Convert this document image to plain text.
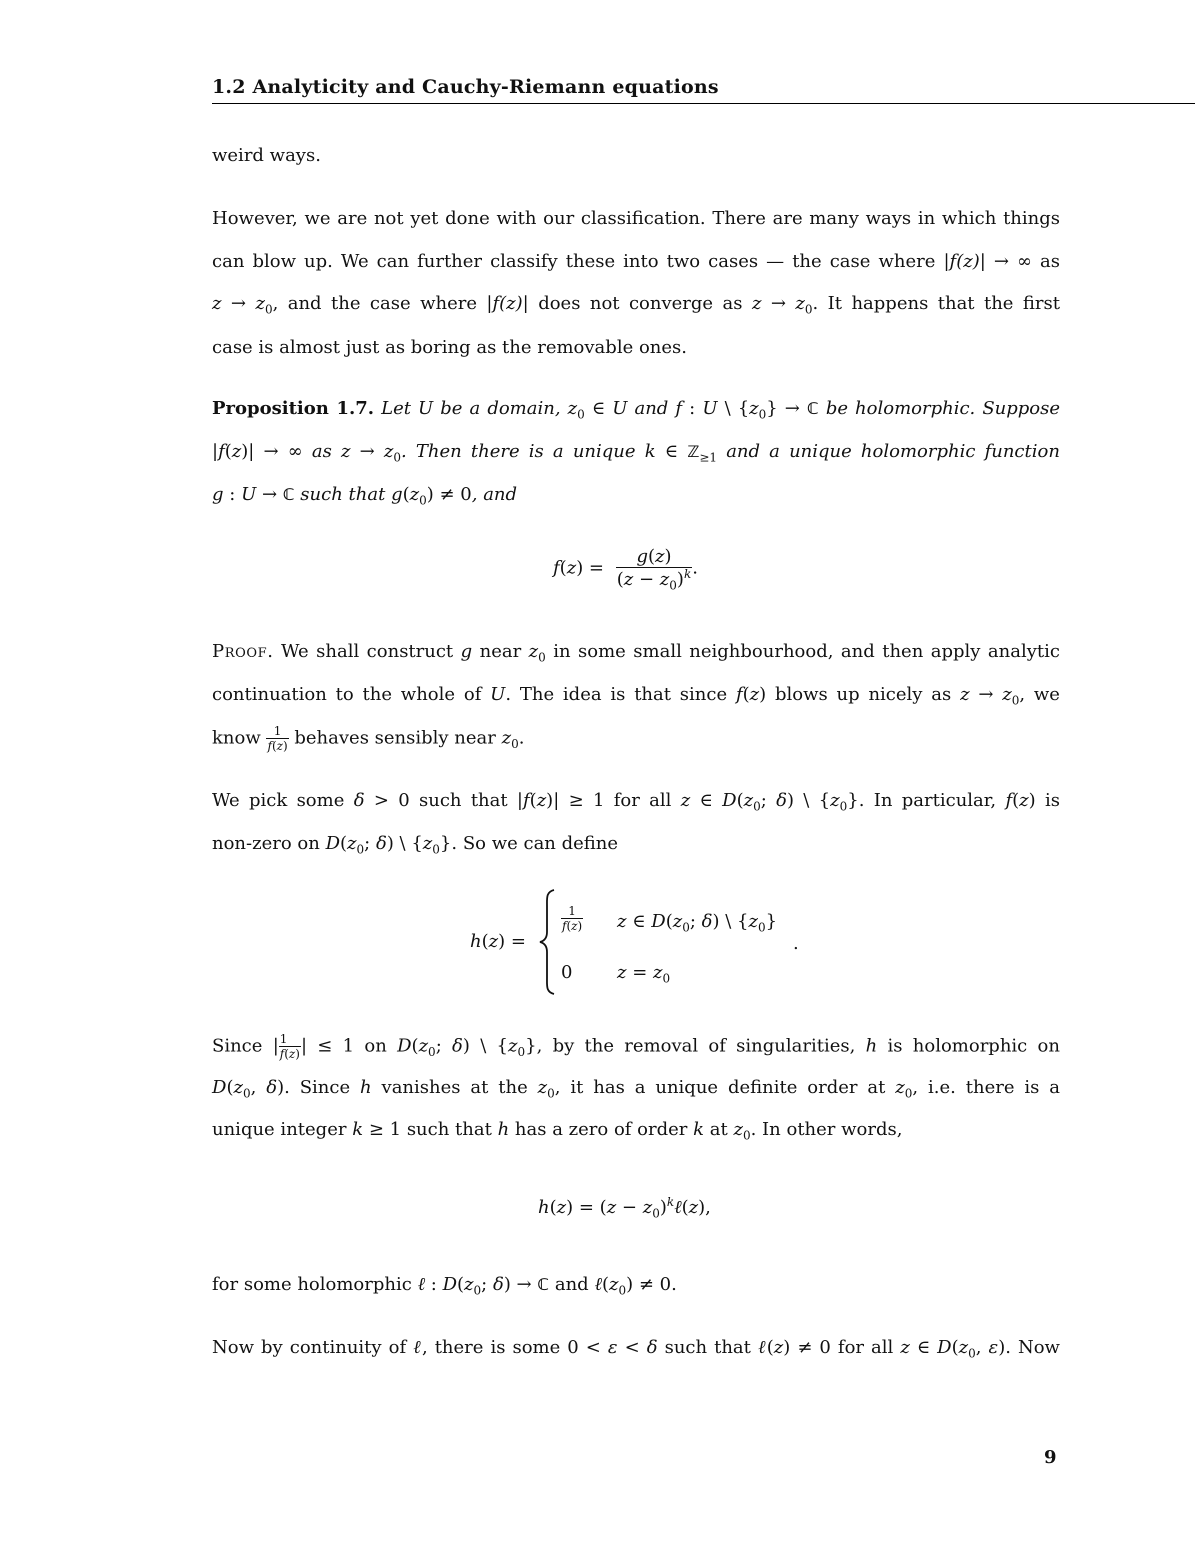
1.2 Analyticity and Cauchy-Riemann equations
weird ways.
However, we are not yet done with our classification. There are many ways in which things
can blow up. We can further classify these into two cases — the case where |f(z)| → ∞ as
$z \to z_0$, and the case where |f(z)| does not converge as $z \to z_0$. It happens that the first
case is almost just as boring as the removable ones.
Proposition 1.7. Let U be a domain, $z_0$ ∈ U and f : U \ $\{z_0\}$ → ℂ be holomorphic. Suppose
|f(z)| → ∞ as $z \to z_0$. Then there is a unique k ∈ ℤ$_{\ge 1}$ and a unique holomorphic function
g : U → ℂ such that $g(z_0) \ne 0$, and
$f(z) = \frac{g(z)}{(z - z_0)^k}$ .
Proof. We shall construct g near $z_0$ in some small neighbourhood, and then apply analytic
continuation to the whole of U. The idea is that since f(z) blows up nicely as $z \to z_0$, we
know $\frac{1}{f(z)}$ behaves sensibly near $z_0$.
We pick some δ > 0 such that |f(z)| ≥ 1 for all z ∈ $D(z_0$; δ) \ $\{z_0\}$. In particular, f(z) is
non-zero on $D(z_0$; δ) \ $\{z_0\}$. So we can define
h(z) =
$\frac{1}{f(z)}$ z ∈ $D(z_0$; δ) \ $\{z_0\}$
0 $z = z_0$
.
Since | $\frac{1}{f(z)}$ | ≤ 1 on $D(z_0$; δ) \ $\{z_0\}$, by the removal of singularities, h is holomorphic on
$D(z_0$, δ). Since h vanishes at the $z_0$, it has a unique definite order at $z_0$, i.e. there is a
unique integer k ≥ 1 such that h has a zero of order k at $z_0$. In other words,
$h(z) = (z - z_0)^k\ell(z)$,
for some holomorphic ℓ : $D(z_0$; δ) → ℂ and $\ell(z_0) \ne 0$.
Now by continuity of ℓ, there is some 0 < ε < δ such that ℓ(z) ≠ 0 for all z ∈ $D(z_0$, ε). Now
9
